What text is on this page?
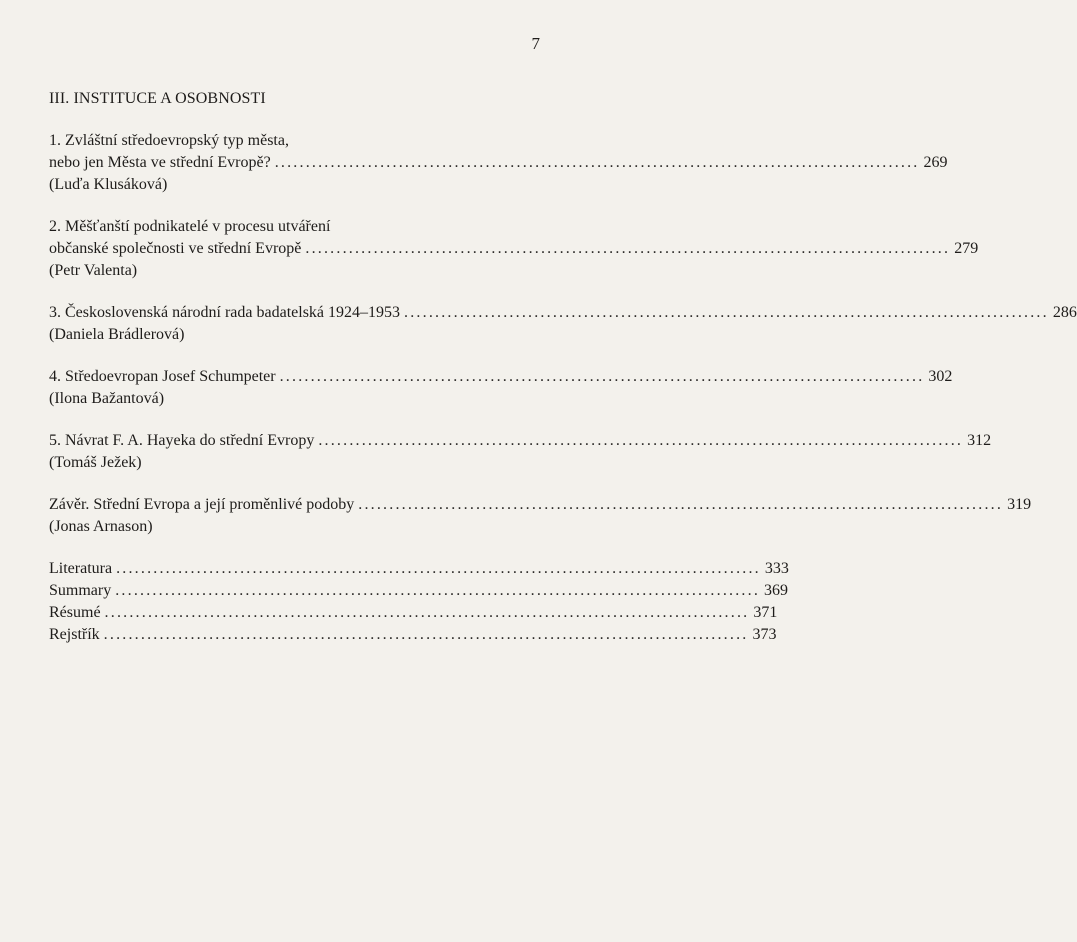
7
III. INSTITUCE A OSOBNOSTI
1. Zvláštní středoevropský typ města,
nebo jen Města ve střední Evropě? ........................................................................................................ 269
(Luďa Klusáková)
2. Měšťanští podnikatelé v procesu utváření
občanské společnosti ve střední Evropě ........................................................................................................ 279
(Petr Valenta)
3. Československá národní rada badatelská 1924–1953 ........................................................................................................ 286
(Daniela Brádlerová)
4. Středoevropan Josef Schumpeter ........................................................................................................ 302
(Ilona Bažantová)
5. Návrat F. A. Hayeka do střední Evropy ........................................................................................................ 312
(Tomáš Ježek)
Závěr. Střední Evropa a její proměnlivé podoby ........................................................................................................ 319
(Jonas Arnason)
Literatura ........................................................................................................ 333
Summary ........................................................................................................ 369
Résumé ........................................................................................................ 371
Rejstřík ........................................................................................................ 373
